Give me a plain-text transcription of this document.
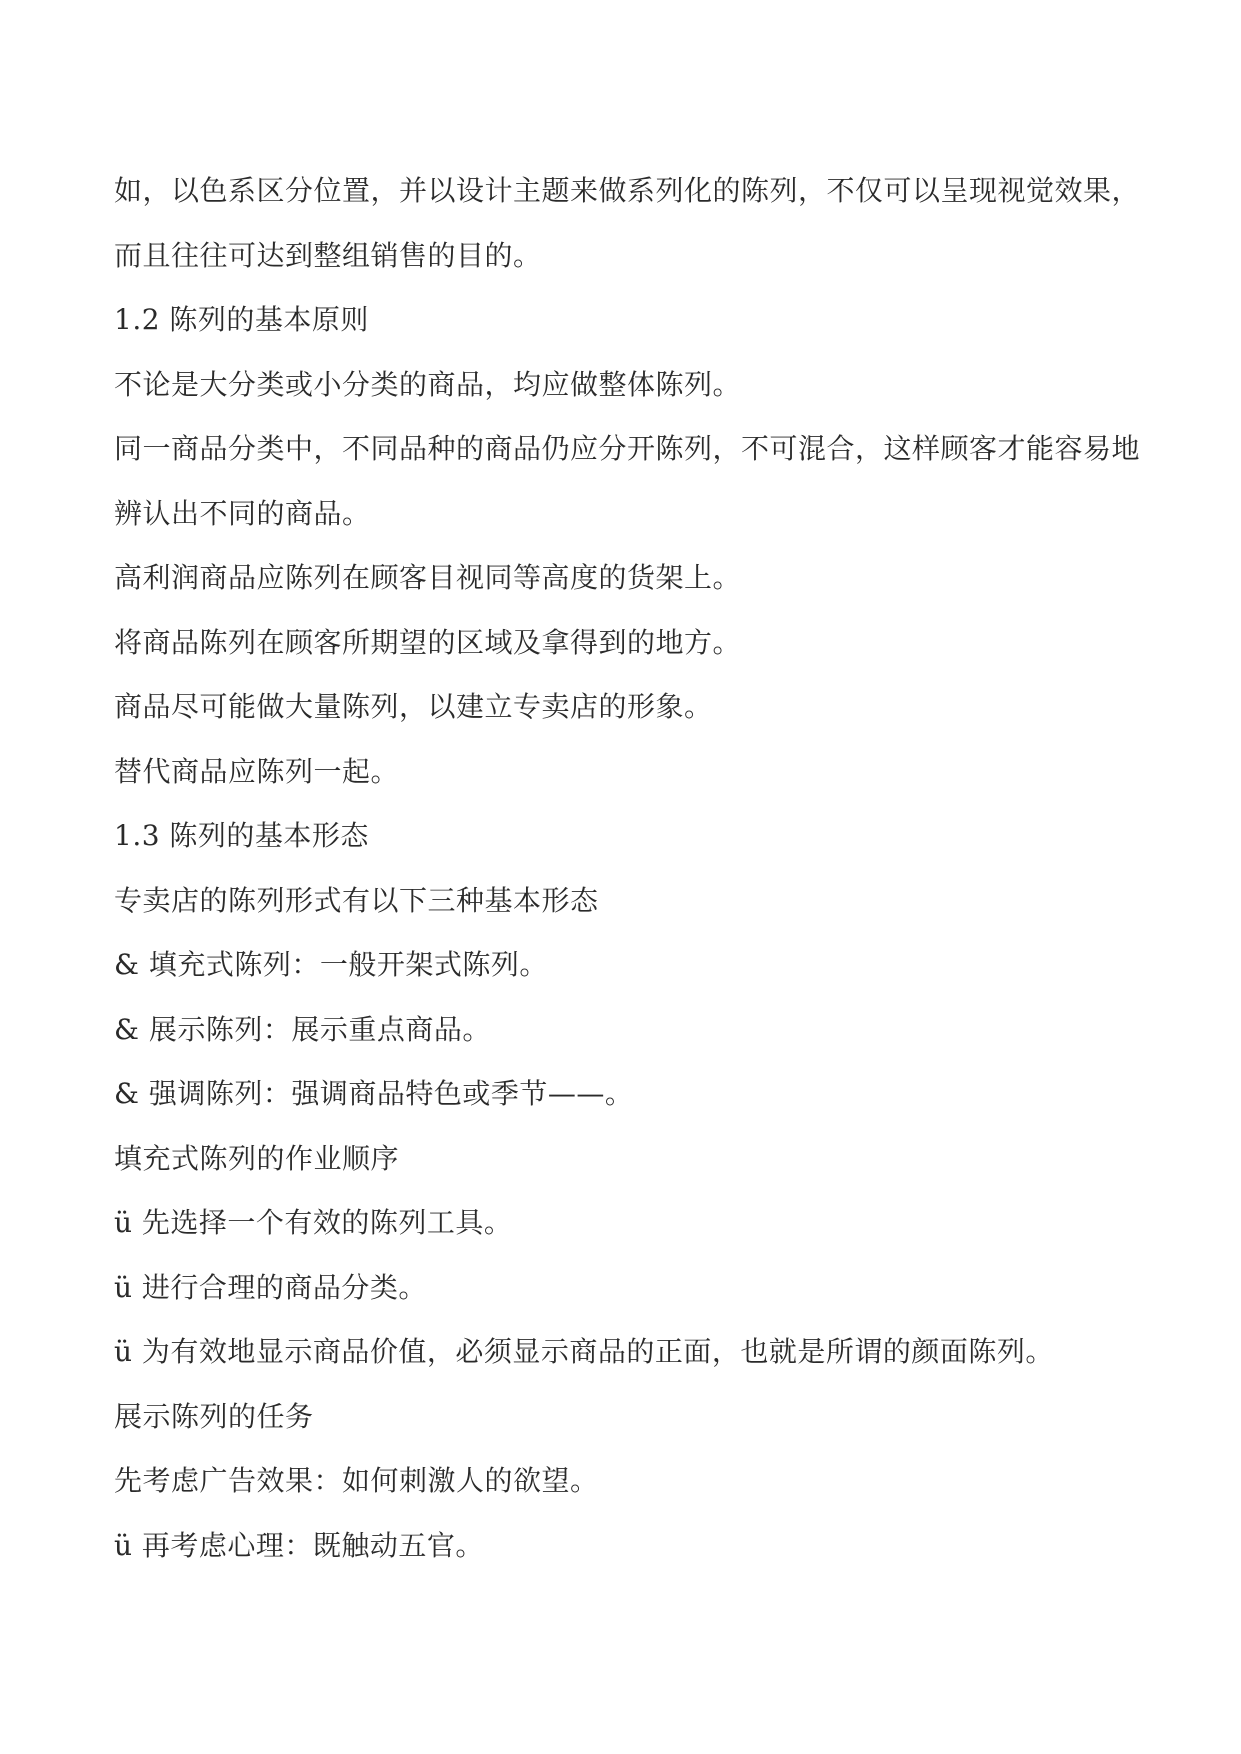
如，以色系区分位置，并以设计主题来做系列化的陈列，不仅可以呈现视觉效果，
而且往往可达到整组销售的目的。
1.2 陈列的基本原则
不论是大分类或小分类的商品，均应做整体陈列。
同一商品分类中，不同品种的商品仍应分开陈列，不可混合，这样顾客才能容易地
辨认出不同的商品。
高利润商品应陈列在顾客目视同等高度的货架上。
将商品陈列在顾客所期望的区域及拿得到的地方。
商品尽可能做大量陈列，以建立专卖店的形象。
替代商品应陈列一起。
1.3 陈列的基本形态
专卖店的陈列形式有以下三种基本形态
& 填充式陈列：一般开架式陈列。
& 展示陈列：展示重点商品。
& 强调陈列：强调商品特色或季节——。
填充式陈列的作业顺序
ü 先选择一个有效的陈列工具。
ü 进行合理的商品分类。
ü 为有效地显示商品价值，必须显示商品的正面，也就是所谓的颜面陈列。
展示陈列的任务
先考虑广告效果：如何刺激人的欲望。
ü 再考虑心理：既触动五官。
